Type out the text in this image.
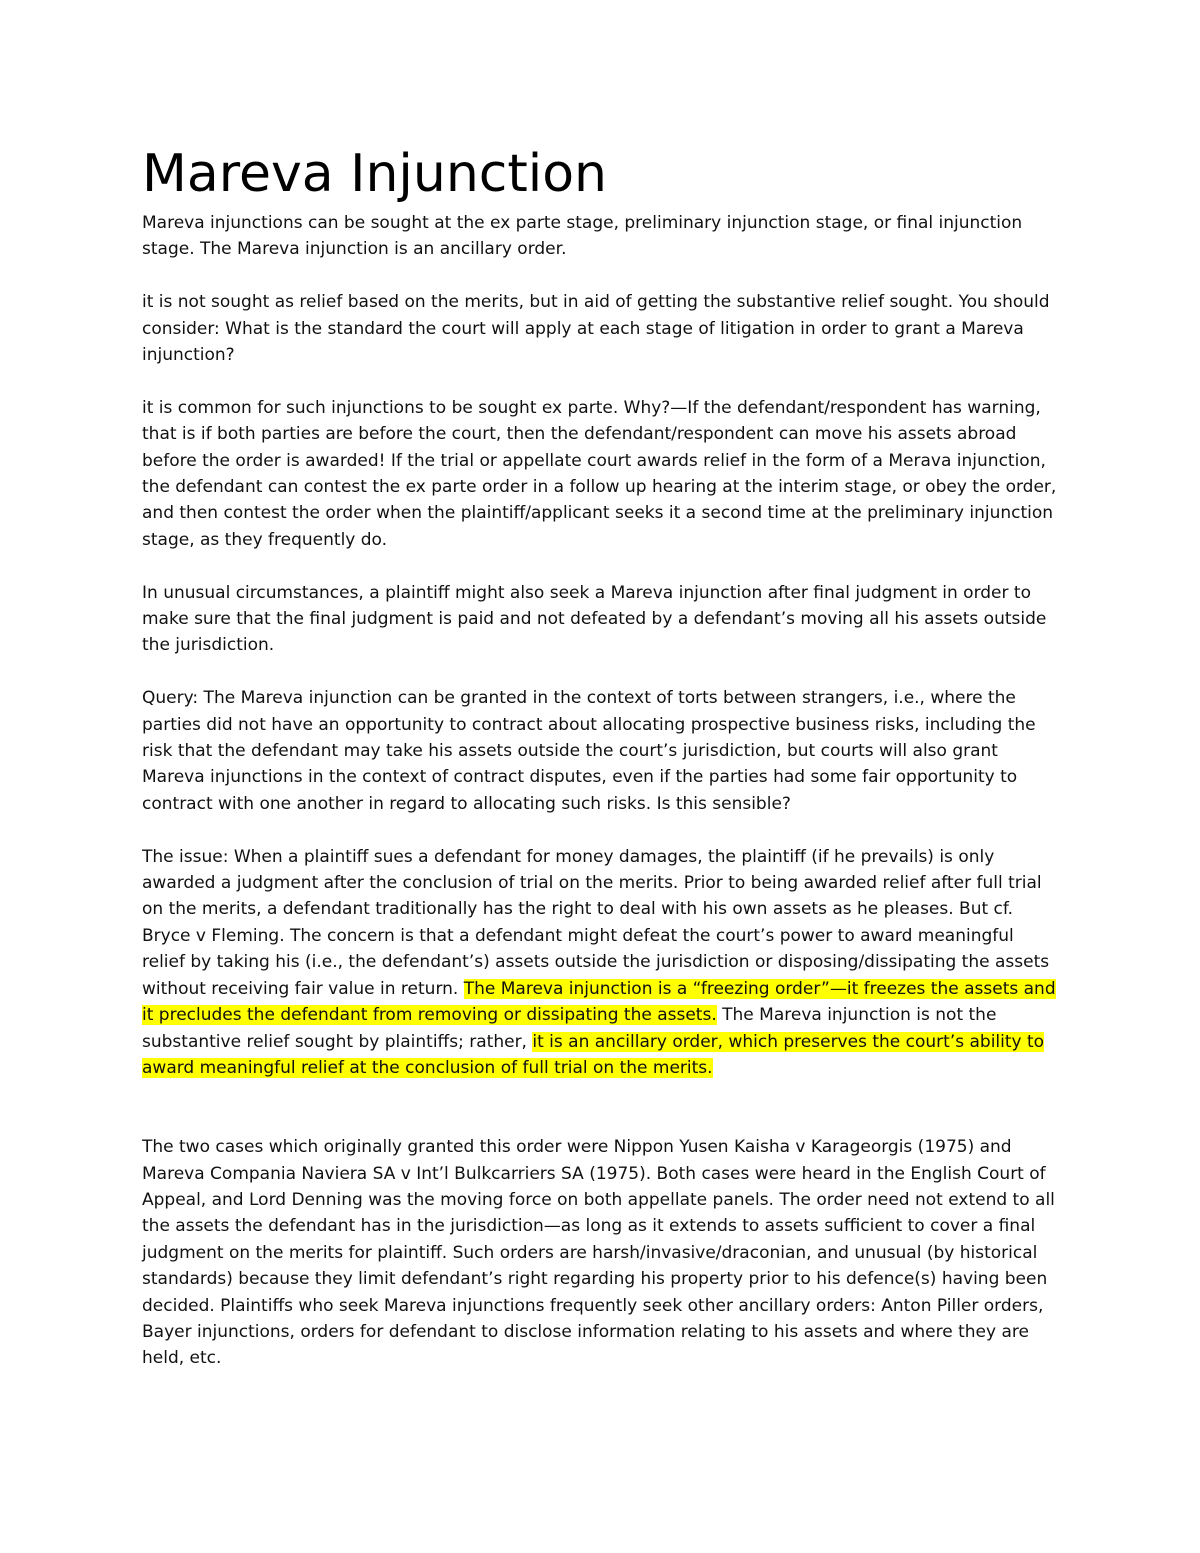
Mareva Injunction

Mareva injunctions can be sought at the ex parte stage, preliminary injunction stage, or final injunction stage. The Mareva injunction is an ancillary order.

it is not sought as relief based on the merits, but in aid of getting the substantive relief sought. You should consider: What is the standard the court will apply at each stage of litigation in order to grant a Mareva injunction?

it is common for such injunctions to be sought ex parte. Why?—If the defendant/respondent has warning, that is if both parties are before the court, then the defendant/respondent can move his assets abroad before the order is awarded! If the trial or appellate court awards relief in the form of a Merava injunction, the defendant can contest the ex parte order in a follow up hearing at the interim stage, or obey the order, and then contest the order when the plaintiff/applicant seeks it a second time at the preliminary injunction stage, as they frequently do.

In unusual circumstances, a plaintiff might also seek a Mareva injunction after final judgment in order to make sure that the final judgment is paid and not defeated by a defendant’s moving all his assets outside the jurisdiction.

Query: The Mareva injunction can be granted in the context of torts between strangers, i.e., where the parties did not have an opportunity to contract about allocating prospective business risks, including the risk that the defendant may take his assets outside the court’s jurisdiction, but courts will also grant Mareva injunctions in the context of contract disputes, even if the parties had some fair opportunity to contract with one another in regard to allocating such risks. Is this sensible?

The issue: When a plaintiff sues a defendant for money damages, the plaintiff (if he prevails) is only awarded a judgment after the conclusion of trial on the merits. Prior to being awarded relief after full trial on the merits, a defendant traditionally has the right to deal with his own assets as he pleases. But cf. Bryce v Fleming. The concern is that a defendant might defeat the court’s power to award meaningful relief by taking his (i.e., the defendant’s) assets outside the jurisdiction or disposing/dissipating the assets without receiving fair value in return. The Mareva injunction is a “freezing order”—it freezes the assets and it precludes the defendant from removing or dissipating the assets. The Mareva injunction is not the substantive relief sought by plaintiffs; rather, it is an ancillary order, which preserves the court’s ability to award meaningful relief at the conclusion of full trial on the merits.

The two cases which originally granted this order were Nippon Yusen Kaisha v Karageorgis (1975) and Mareva Compania Naviera SA v Int’l Bulkcarriers SA (1975). Both cases were heard in the English Court of Appeal, and Lord Denning was the moving force on both appellate panels. The order need not extend to all the assets the defendant has in the jurisdiction—as long as it extends to assets sufficient to cover a final judgment on the merits for plaintiff. Such orders are harsh/invasive/draconian, and unusual (by historical standards) because they limit defendant’s right regarding his property prior to his defence(s) having been decided. Plaintiffs who seek Mareva injunctions frequently seek other ancillary orders: Anton Piller orders, Bayer injunctions, orders for defendant to disclose information relating to his assets and where they are held, etc.
